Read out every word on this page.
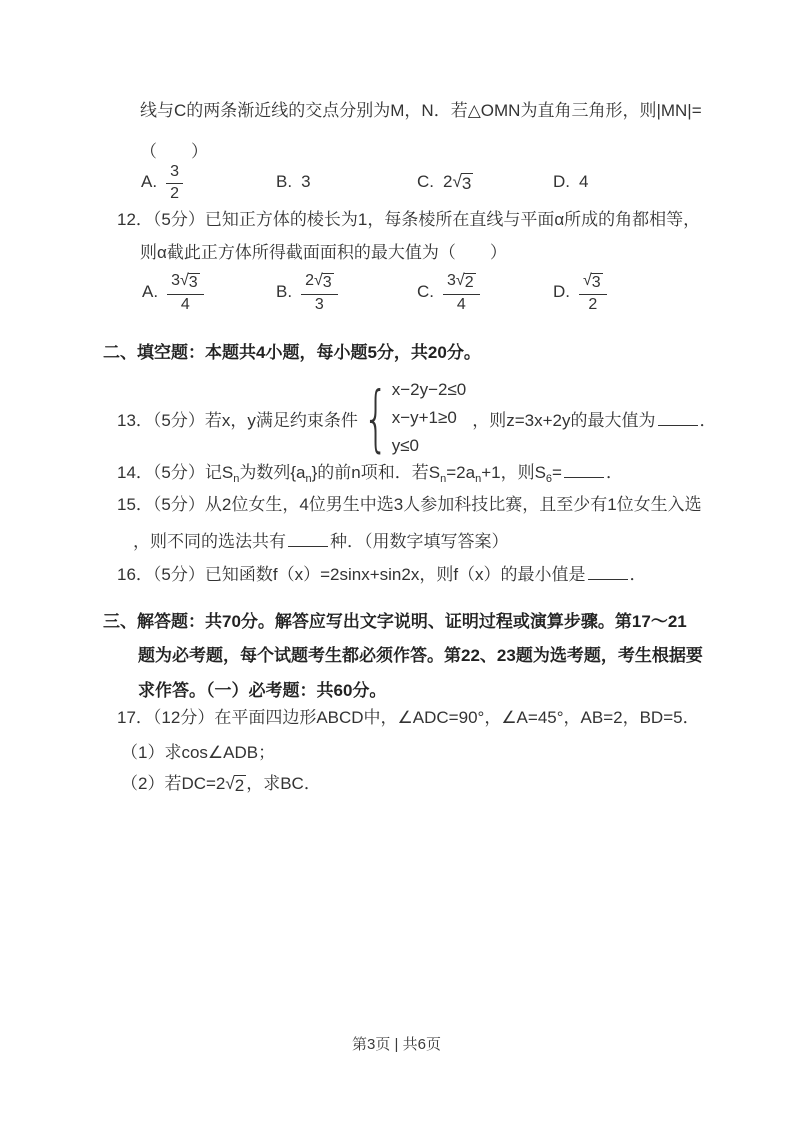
线与C的两条渐近线的交点分别为M，N．若△OMN为直角三角形，则|MN|=
（　　）
A. $\frac{3}{2}$	B. 3	C. 2 √ 3	D. 4
12．（5分）已知正方体的棱长为1，每条棱所在直线与平面α所成的角都相等，
则α截此正方体所得截面面积的最大值为（　　）
A. $\frac{3 √ 3}{4}$	B. $\frac{2 √ 3}{3}$	C. $\frac{3 √ 2}{4}$	D. $\frac{√ 3}{2}$
二、填空题：本题共4小题，每小题5分，共20分。
13．（5分）若x，y满足约束条件 { x−2y−2≤0
x−y+1≥0
y≤0
，则z=3x+2y的最大值为	．
14．（5分）记$S_n$为数列$\{a_n\}$的前n项和．若$S_n=2a_n+1$，则$S_6=$	．
15．（5分）从2位女生，4位男生中选3人参加科技比赛，且至少有1位女生入选
，则不同的选法共有	种．（用数字填写答案）
16．（5分）已知函数f（x）=2sinx+sin2x，则f（x）的最小值是	．
三、解答题：共70分。解答应写出文字说明、证明过程或演算步骤。第17～21
题为必考题，每个试题考生都必须作答。第22、23题为选考题，考生根据要
求作答。（一）必考题：共60分。
17．（12分）在平面四边形ABCD中，∠ADC=90°，∠A=45°，AB=2，BD=5．
（1）求cos∠ADB；
（2）若DC=2 √ 2 ，求BC．
第3页 | 共6页
